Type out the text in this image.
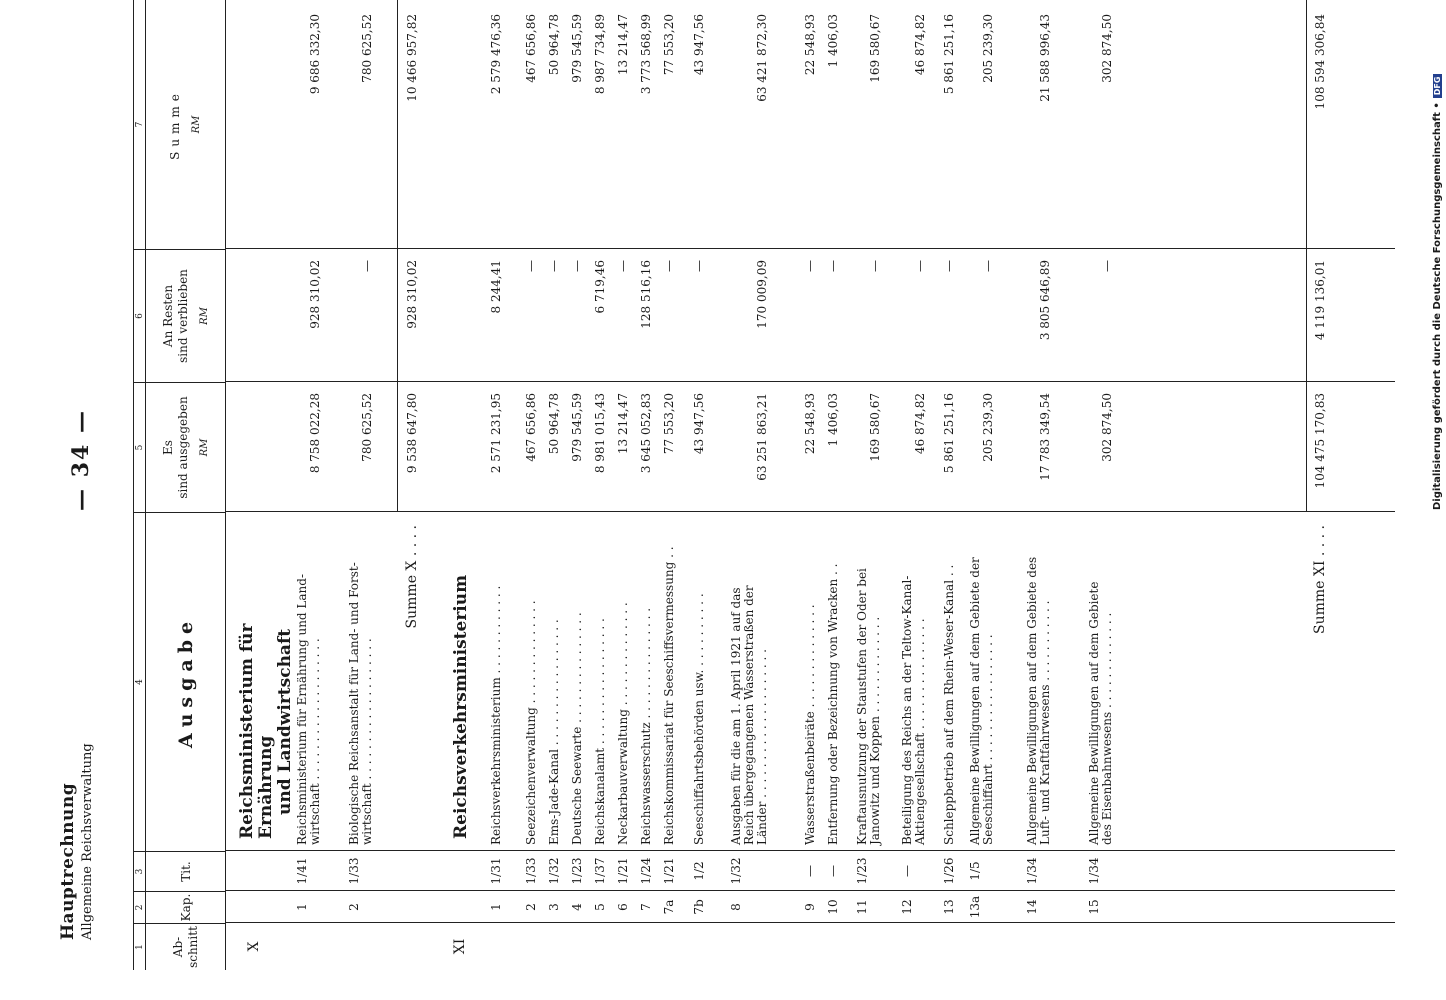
Hauptrechnung Allgemeine Reichsverwaltung
— 34 —
1
2
3
4
5
6
7
Ab- schnitt
Kap.
Tit.
Ausgabe
Es sind ausgegeben RM
An Resten sind verblieben RM
Summe RM
X
Reichsministerium für Ernährung und Landwirtschaft
1
1/41
Reichsministerium für Ernährung und Land- wirtschaft . . . . . . . . . . . . . . . . . . .
8 758 022,28
928 310,02
9 686 332,30
2
1/33
Biologische Reichsanstalt für Land- und Forst- wirtschaft . . . . . . . . . . . . . . . . . . .
780 625,52
—
780 625,52
Summe X . . . .
9 538 647,80
928 310,02
10 466 957,82
XI
Reichsverkehrsministerium
1
1/31
Reichsverkehrsministerium . . . . . . . . . . . .
2 571 231,95
8 244,41
2 579 476,36
2
1/33
Seezeichenverwaltung . . . . . . . . . . . . . .
467 656,86
—
467 656,86
3
1/32
Ems-Jade-Kanal . . . . . . . . . . . . . . . . .
50 964,78
—
50 964,78
4
1/23
Deutsche Seewarte . . . . . . . . . . . . . . .
979 545,59
—
979 545,59
5
1/37
Reichskanalamt . . . . . . . . . . . . . . . . .
8 981 015,43
6 719,46
8 987 734,89
6
1/21
Neckarbauverwaltung . . . . . . . . . . . . . .
13 214,47
—
13 214,47
7
1/24
Reichswasserschutz . . . . . . . . . . . . . . .
3 645 052,83
128 516,16
3 773 568,99
7a
1/21
Reichskommissariat für Seeschiffsvermessung . .
77 553,20
—
77 553,20
7b
1/2
Seeschiffahrtsbehörden usw. . . . . . . . . . .
43 947,56
—
43 947,56
8
1/32
Ausgaben für die am 1. April 1921 auf das Reich übergegangenen Wasserstraßen der Länder . . . . . . . . . . . . . . . . . . . .
63 251 863,21
170 009,09
63 421 872,30
9
—
Wasserstraßenbeiräte . . . . . . . . . . . . . .
22 548,93
—
22 548,93
10
—
Entfernung oder Bezeichnung von Wracken . .
1 406,03
—
1 406,03
11
1/23
Kraftausnutzung der Staustufen der Oder bei Janowitz und Koppen . . . . . . . . . . . . .
169 580,67
—
169 580,67
12
—
Beteiligung des Reichs an der Teltow-Kanal- Aktiengesellschaft . . . . . . . . . . . . . . .
46 874,82
—
46 874,82
13
1/26
Schleppbetrieb auf dem Rhein-Weser-Kanal . .
5 861 251,16
—
5 861 251,16
13a
1/5
Allgemeine Bewilligungen auf dem Gebiete der Seeschiffahrt . . . . . . . . . . . . . . . . .
205 239,30
—
205 239,30
14
1/34
Allgemeine Bewilligungen auf dem Gebiete des Luft- und Kraftfahrwesens . . . . . . . . . . .
17 783 349,54
3 805 646,89
21 588 996,43
15
1/34
Allgemeine Bewilligungen auf dem Gebiete des Eisenbahnwesens . . . . . . . . . . . . .
302 874,50
—
302 874,50
Summe XI . . . .
104 475 170,83
4 119 136,01
108 594 306,84
Digitalisierung gefördert durch die Deutsche Forschungsgemeinschaft •
DFG
